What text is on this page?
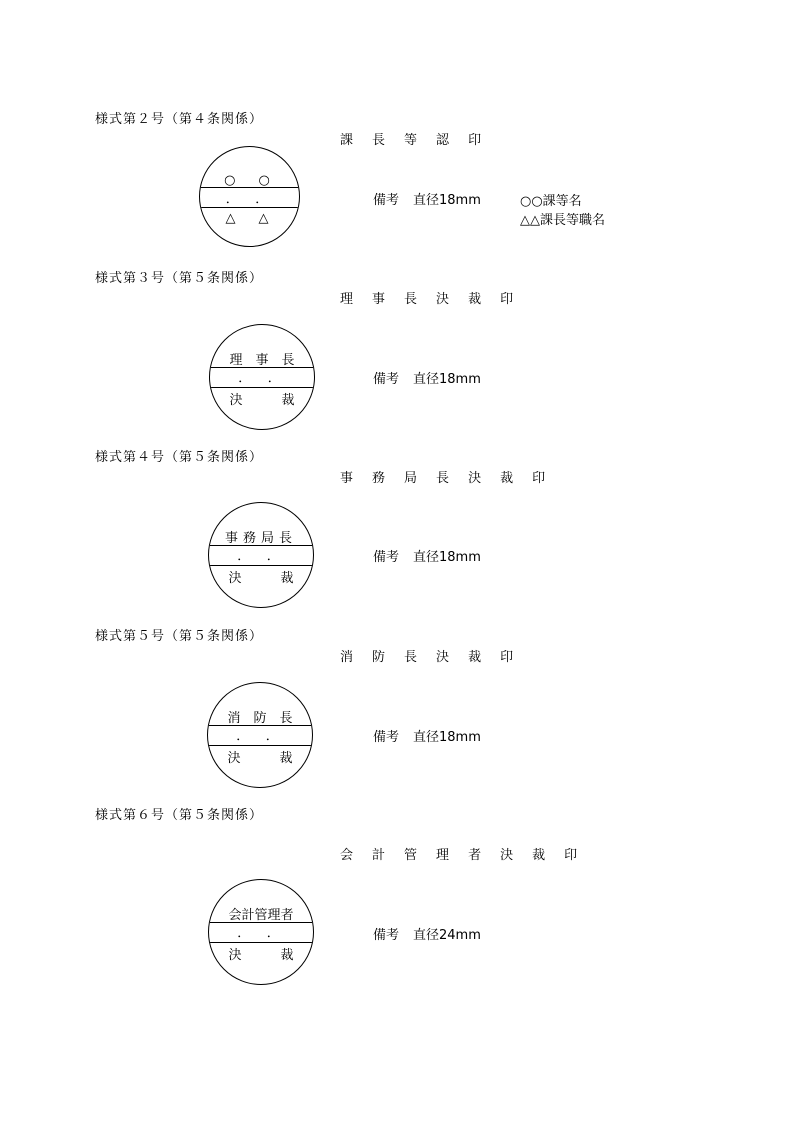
様式第２号（第４条関係）
課 長 等 認 印
○　○
．　．
△　△
備考 直径18mm	○○課等名
△△課長等職名
様式第３号（第５条関係）
理 事 長 決 裁 印
理　事　長
．　．
決　　　裁
備考 直径18mm
様式第４号（第５条関係）
事 務 局 長 決 裁 印
事務局長
．　．
決　　　裁
備考 直径18mm
様式第５号（第５条関係）
消 防 長 決 裁 印
消　防　長
．　．
決　　　裁
備考 直径18mm
様式第６号（第５条関係）
会 計 管 理 者 決 裁 印
会計管理者
．　．
決　　　裁
備考 直径24mm
